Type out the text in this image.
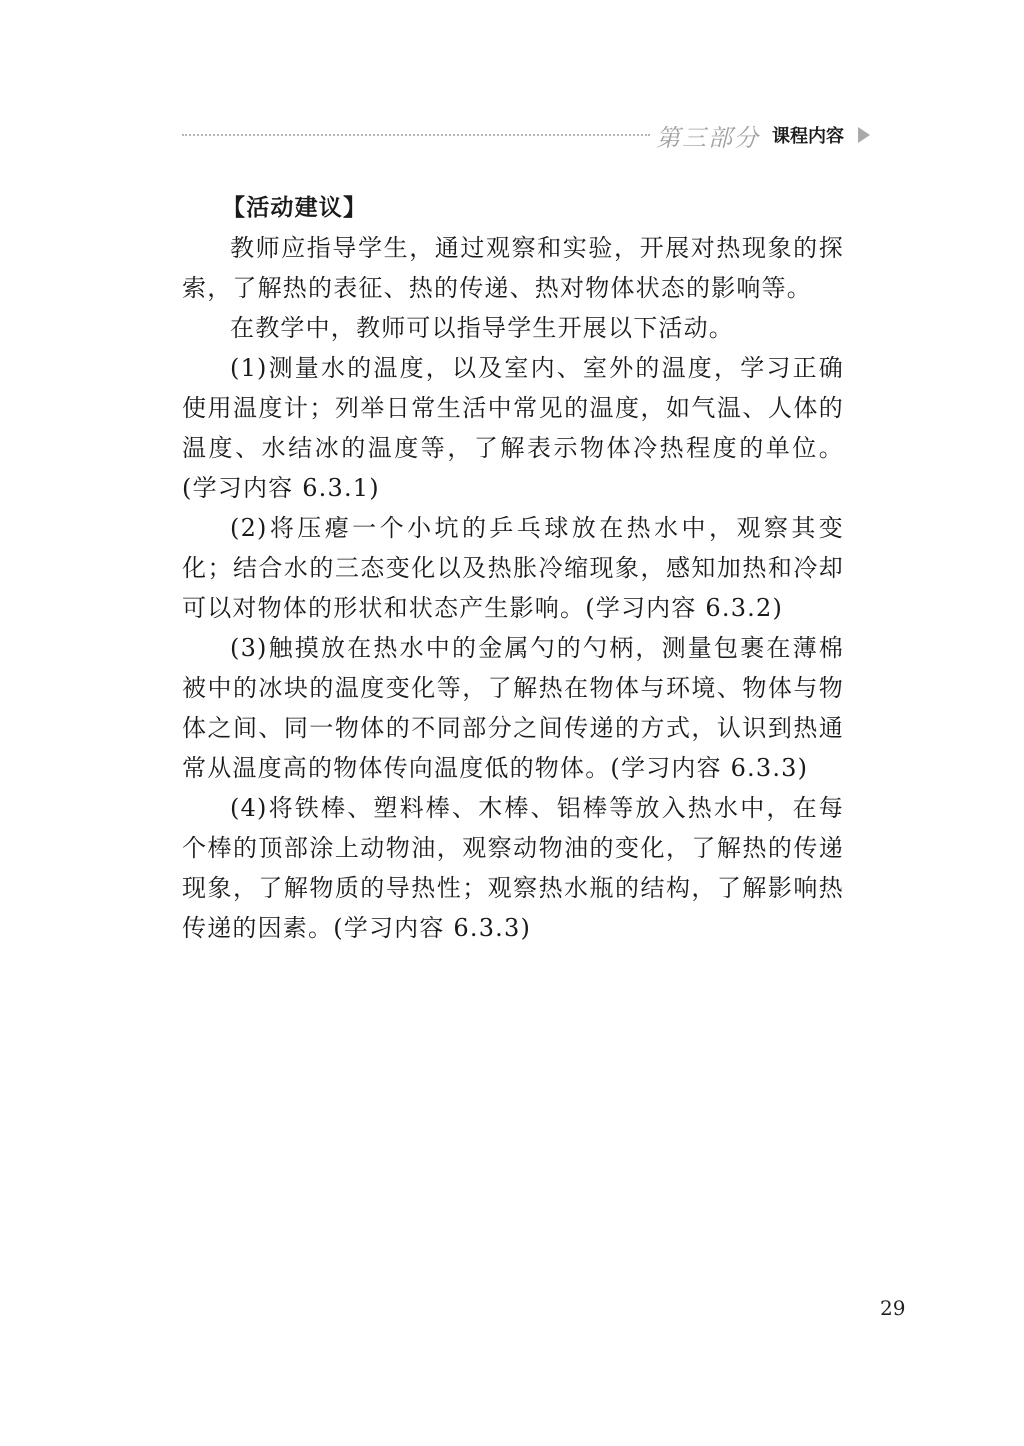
第三部分 课程内容

【活动建议】

教师应指导学生，通过观察和实验，开展对热现象的探索，了解热的表征、热的传递、热对物体状态的影响等。

在教学中，教师可以指导学生开展以下活动。

(1)测量水的温度，以及室内、室外的温度，学习正确使用温度计；列举日常生活中常见的温度，如气温、人体的温度、水结冰的温度等，了解表示物体冷热程度的单位。(学习内容 6.3.1)

(2)将压瘪一个小坑的乒乓球放在热水中，观察其变化；结合水的三态变化以及热胀冷缩现象，感知加热和冷却可以对物体的形状和状态产生影响。(学习内容 6.3.2)

(3)触摸放在热水中的金属勺的勺柄，测量包裹在薄棉被中的冰块的温度变化等，了解热在物体与环境、物体与物体之间、同一物体的不同部分之间传递的方式，认识到热通常从温度高的物体传向温度低的物体。(学习内容 6.3.3)

(4)将铁棒、塑料棒、木棒、铝棒等放入热水中，在每个棒的顶部涂上动物油，观察动物油的变化，了解热的传递现象，了解物质的导热性；观察热水瓶的结构，了解影响热传递的因素。(学习内容 6.3.3)

29
